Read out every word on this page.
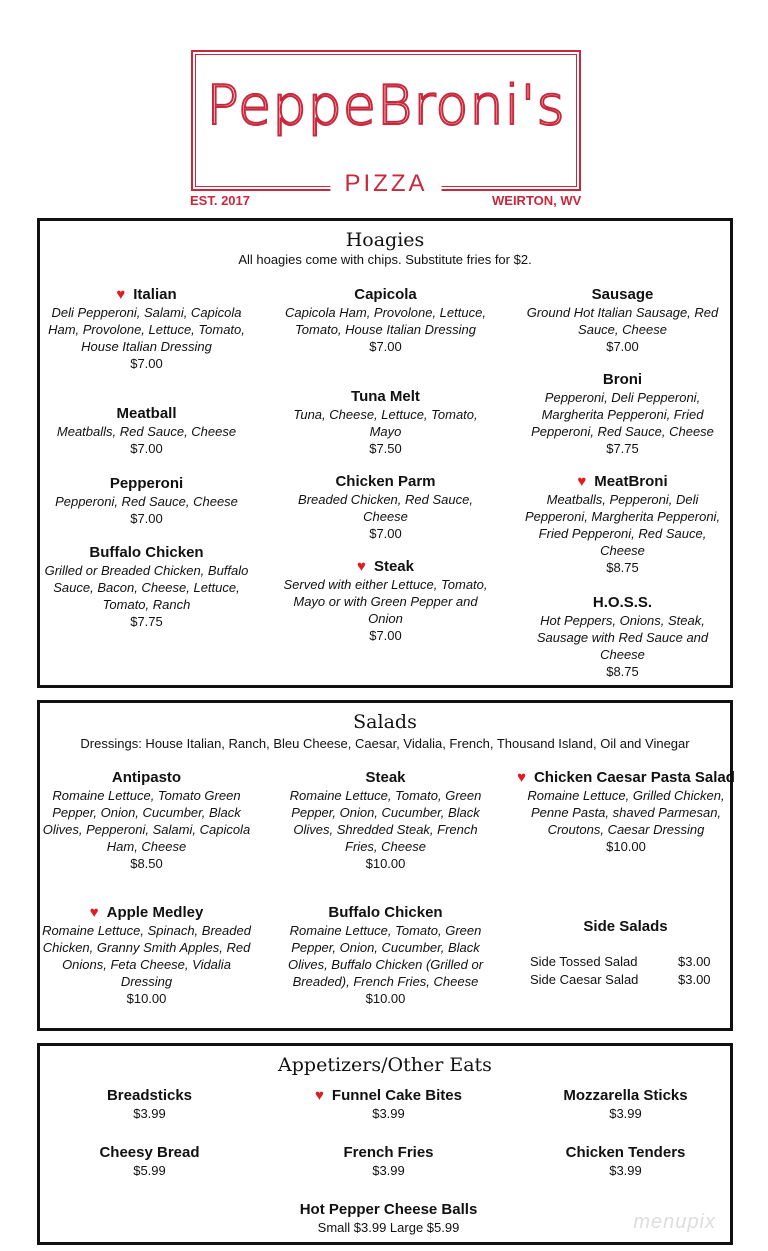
PeppeBroni's
PIZZA
EST. 2017	WEIRTON, WV
Hoagies
All hoagies come with chips. Substitute fries for $2.
♥ Italian
Deli Pepperoni, Salami, Capicola Ham, Provolone, Lettuce, Tomato, House Italian Dressing
$7.00
Meatball
Meatballs, Red Sauce, Cheese
$7.00
Pepperoni
Pepperoni, Red Sauce, Cheese
$7.00
Buffalo Chicken
Grilled or Breaded Chicken, Buffalo Sauce, Bacon, Cheese, Lettuce, Tomato, Ranch
$7.75
Capicola
Capicola Ham, Provolone, Lettuce, Tomato, House Italian Dressing
$7.00
Tuna Melt
Tuna, Cheese, Lettuce, Tomato, Mayo
$7.50
Chicken Parm
Breaded Chicken, Red Sauce, Cheese
$7.00
♥ Steak
Served with either Lettuce, Tomato, Mayo or with Green Pepper and Onion
$7.00
Sausage
Ground Hot Italian Sausage, Red Sauce, Cheese
$7.00
Broni
Pepperoni, Deli Pepperoni, Margherita Pepperoni, Fried Pepperoni, Red Sauce, Cheese
$7.75
♥ MeatBroni
Meatballs, Pepperoni, Deli Pepperoni, Margherita Pepperoni, Fried Pepperoni, Red Sauce, Cheese
$8.75
H.O.S.S.
Hot Peppers, Onions, Steak, Sausage with Red Sauce and Cheese
$8.75
Salads
Dressings: House Italian, Ranch, Bleu Cheese, Caesar, Vidalia, French, Thousand Island, Oil and Vinegar
Side Salads
Side Tossed Salad	$3.00
Side Caesar Salad	$3.00
Antipasto
Romaine Lettuce, Tomato Green Pepper, Onion, Cucumber, Black Olives, Pepperoni, Salami, Capicola Ham, Cheese
$8.50
♥ Apple Medley
Romaine Lettuce, Spinach, Breaded Chicken, Granny Smith Apples, Red Onions, Feta Cheese, Vidalia Dressing
$10.00
Steak
Romaine Lettuce, Tomato, Green Pepper, Onion, Cucumber, Black Olives, Shredded Steak, French Fries, Cheese
$10.00
Buffalo Chicken
Romaine Lettuce, Tomato, Green Pepper, Onion, Cucumber, Black Olives, Buffalo Chicken (Grilled or Breaded), French Fries, Cheese
$10.00
♥ Chicken Caesar Pasta Salad
Romaine Lettuce, Grilled Chicken, Penne Pasta, shaved Parmesan, Croutons, Caesar Dressing
$10.00
Appetizers/Other Eats
menupix
Breadsticks
$3.99
Cheesy Bread
$5.99
♥ Funnel Cake Bites
$3.99
French Fries
$3.99
Mozzarella Sticks
$3.99
Chicken Tenders
$3.99
Hot Pepper Cheese Balls
Small $3.99 Large $5.99
